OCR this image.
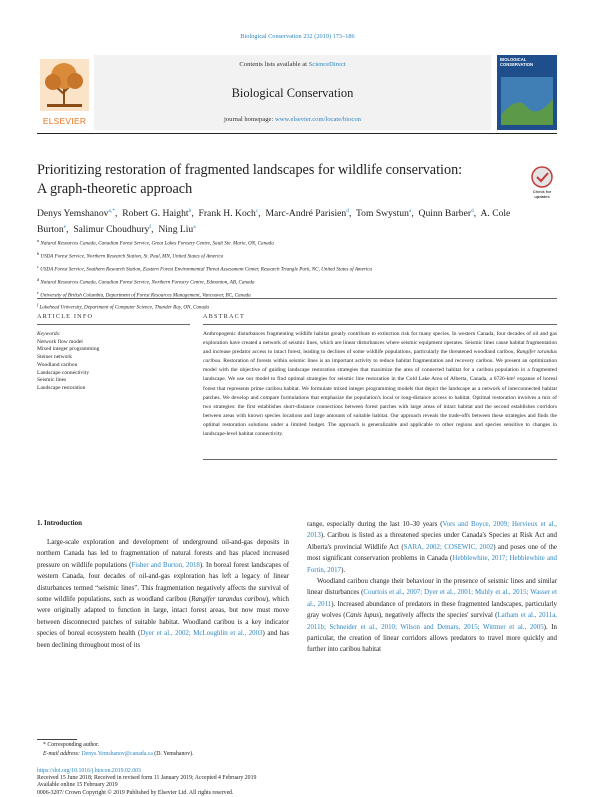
Biological Conservation 232 (2019) 173–186
ELSEVIER
Contents lists available at ScienceDirect
Biological Conservation
journal homepage: www.elsevier.com/locate/biocon
BIOLOGICAL CONSERVATION
Prioritizing restoration of fragmented landscapes for wildlife conservation:
A graph-theoretic approach	Check for updates
Denys Yemshanov$^{a,*}$,  Robert G. Haight$^b$,  Frank H. Koch$^c$,  Marc-André Parisien$^d$,  Tom Swystun$^a$,  Quinn Barber$^d$,  A. Cole Burton$^e$,  Salimur Choudhury$^f$,  Ning Liu$^a$
$^a$ Natural Resources Canada, Canadian Forest Service, Great Lakes Forestry Centre, Sault Ste. Marie, ON, Canada
$^b$ USDA Forest Service, Northern Research Station, St. Paul, MN, United States of America
$^c$ USDA Forest Service, Southern Research Station, Eastern Forest Environmental Threat Assessment Center, Research Triangle Park, NC, United States of America
$^d$ Natural Resources Canada, Canadian Forest Service, Northern Forestry Centre, Edmonton, AB, Canada
$^e$ University of British Columbia, Department of Forest Resources Management, Vancouver, BC, Canada
$^f$ Lakehead University, Department of Computer Science, Thunder Bay, ON, Canada
ARTICLE INFO
Keywords:
Network flow model
Mixed integer programming
Steiner network
Woodland caribou
Landscape connectivity
Seismic lines
Landscape restoration
ABSTRACT
Anthropogenic disturbances fragmenting wildlife habitat greatly contribute to extinction risk for many species. In western Canada, four decades of oil and gas exploration have created a network of seismic lines, which are linear disturbances where seismic equipment operates. Seismic lines cause habitat fragmentation and increase predator access to intact forest, leading to declines of some wildlife populations, particularly the threatened woodland caribou, Rangifer tarandus caribou. Restoration of forests within seismic lines is an important activity to reduce habitat fragmentation and recovery caribou. We present an optimization model with the objective of guiding landscape restoration strategies that maximize the area of connected habitat for a caribou population in a fragmented landscape. We use our model to find optimal strategies for seismic line restoration in the Cold Lake Area of Alberta, Canada, a 6726-km² expanse of boreal forest that represents prime caribou habitat. We formulate mixed integer programming models that depict the landscape as a network of interconnected habitat patches. We develop and compare formulations that emphasize the population's local or long-distance access to habitat. Optimal restoration involves a mix of two strategies: the first establishes short-distance connections between forest patches with large areas of intact habitat and the second establishes corridors between areas with known species locations and large amounts of suitable habitat. Our approach reveals the trade-offs between these strategies and finds the optimal restoration solutions under a limited budget. The approach is generalizable and applicable to other regions and species sensitive to changes in landscape-level habitat connectivity.
1. Introduction

Large-scale exploration and development of underground oil-and-gas deposits in northern Canada has led to fragmentation of natural forests and has placed increased pressure on wildlife populations (Fisher and Burton, 2018). In boreal forest landscapes of western Canada, four decades of oil-and-gas exploration has left a legacy of linear disturbances termed “seismic lines”. This fragmentation negatively affects the survival of some wildlife populations, such as woodland caribou (Rangifer tarandus caribou), which were originally adapted to function in large, intact forest areas, but now must move between disconnected patches of suitable habitat. Woodland caribou is a key indicator species of boreal ecosystem health (Dyer et al., 2002; McLoughlin et al., 2003) and has been declining throughout most of its

range, especially during the last 10–30 years (Vors and Boyce, 2009; Hervieux et al., 2013). Caribou is listed as a threatened species under Canada's Species at Risk Act and Alberta's provincial Wildlife Act (SARA, 2002; COSEWIC, 2002) and poses one of the most significant conservation problems in Canada (Hebblewhite, 2017; Hebblewhite and Fortin, 2017).

Woodland caribou change their behaviour in the presence of seismic lines and similar linear disturbances (Courtois et al., 2007; Dyer et al., 2001; Muhly et al., 2015; Wasser et al., 2011). Increased abundance of predators in these fragmented landscapes, particularly gray wolves (Canis lupus), negatively affects the species' survival (Latham et al., 2011a, 2011b; Schneider et al., 2010; Wilson and Demars, 2015; Wittmer et al., 2005). In particular, the creation of linear corridors allows predators to travel more quickly and further into caribou habitat

* Corresponding author.
E-mail address: Denys.Yemshanov@canada.ca (D. Yemshanov).
https://doi.org/10.1016/j.biocon.2019.02.003
Received 15 June 2018; Received in revised form 11 January 2019; Accepted 4 February 2019
Available online 15 February 2019
0006-3207/ Crown Copyright © 2019 Published by Elsevier Ltd. All rights reserved.
